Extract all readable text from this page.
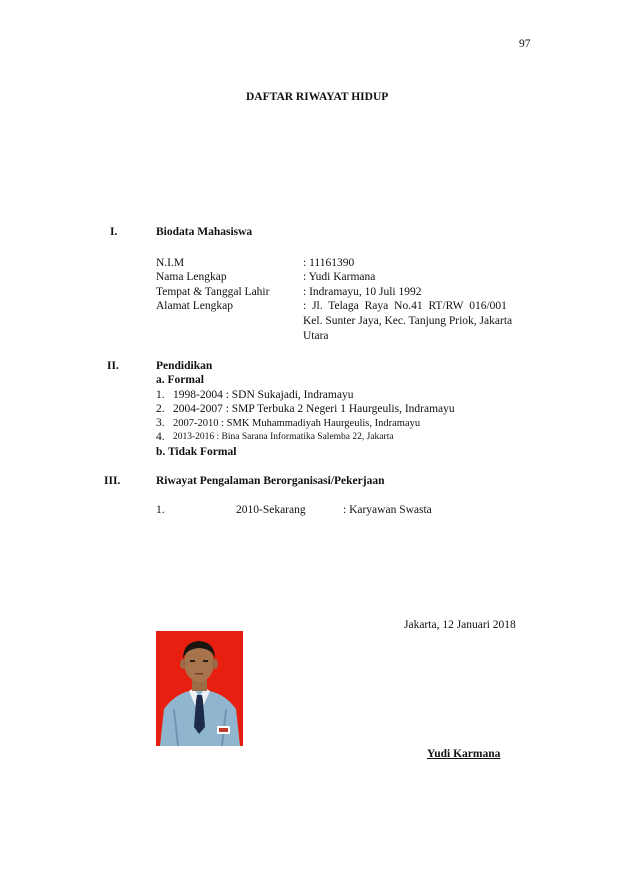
97
DAFTAR RIWAYAT HIDUP
I.	Biodata Mahasiswa
N.I.M	: 11161390
Nama Lengkap	: Yudi Karmana
Tempat & Tanggal Lahir	: Indramayu, 10 Juli 1992
Alamat Lengkap	: Jl. Telaga Raya No.41 RT/RW 016/001
Kel. Sunter Jaya, Kec. Tanjung Priok, Jakarta
Utara
II.	Pendidikan
a. Formal
1. 1998-2004 : SDN Sukajadi, Indramayu
2. 2004-2007 : SMP Terbuka 2 Negeri 1 Haurgeulis, Indramayu
3. 2007-2010 : SMK Muhammadiyah Haurgeulis, Indramayu
4. 2013-2016 : Bina Sarana Informatika Salemba 22, Jakarta
b. Tidak Formal
III.	Riwayat Pengalaman Berorganisasi/Pekerjaan
1.	2010-Sekarang	: Karyawan Swasta
Jakarta, 12 Januari 2018
Yudi Karmana
